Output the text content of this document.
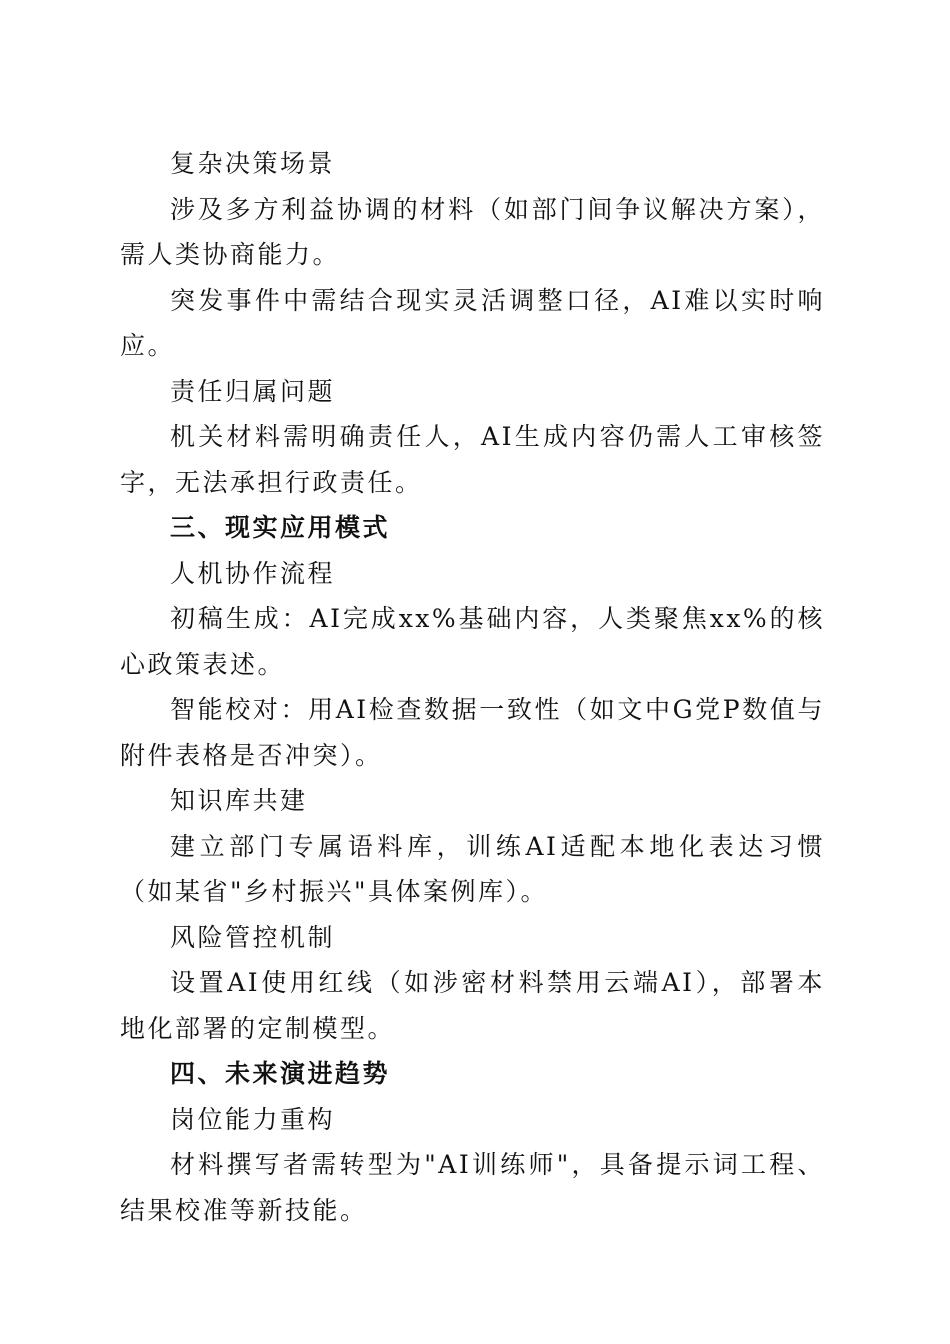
复杂决策场景

涉及多方利益协调的材料（如部门间争议解决方案），需人类协商能力。

突发事件中需结合现实灵活调整口径，AI难以实时响应。

责任归属问题

机关材料需明确责任人，AI生成内容仍需人工审核签字，无法承担行政责任。

三、现实应用模式

人机协作流程

初稿生成：AI完成xx%基础内容，人类聚焦xx%的核心政策表述。

智能校对：用AI检查数据一致性（如文中G党P数值与附件表格是否冲突）。

知识库共建

建立部门专属语料库，训练AI适配本地化表达习惯（如某省"乡村振兴"具体案例库）。

风险管控机制

设置AI使用红线（如涉密材料禁用云端AI），部署本地化部署的定制模型。

四、未来演进趋势

岗位能力重构

材料撰写者需转型为"AI训练师"，具备提示词工程、结果校准等新技能。
